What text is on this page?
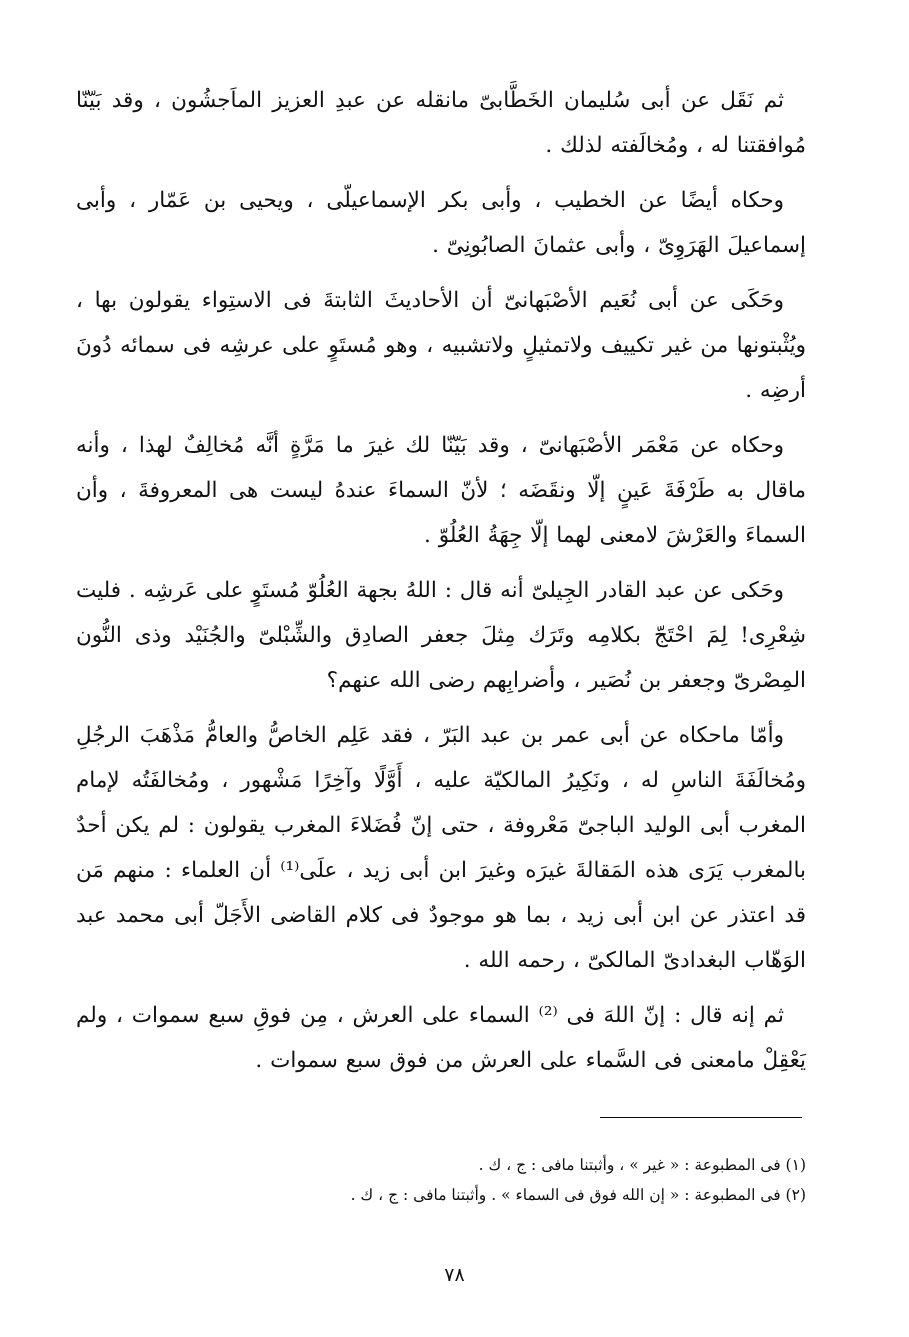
ثم نَقَل عن أبى سُليمان الخَطَّابىّ مانقله عن عبدِ العزيز الماَجشُون ، وقد بَيّنّا مُوافقتنا له ، ومُخالَفته لذلك .

وحكاه أيضًا عن الخطيب ، وأبى بكر الإسماعيلّى ، ويحيى بن عَمّار ، وأبى إسماعيلَ الهَرَوِىّ ، وأبى عثمانَ الصابُونِىّ .

وحَكَى عن أبى نُعَيم الأصْبَهانىّ أن الأحاديثَ الثابتةَ فى الاستِواء يقولون بها ، ويُثْبتونها من غير تكييف ولاتمثيلٍ ولاتشبيه ، وهو مُستَوٍ على عرشِه فى سمائه دُونَ أرضِه .

وحكاه عن مَعْمَر الأصْبَهانىّ ، وقد بَيّنّا لك غيرَ ما مَرَّةٍ أنَّه مُخالِفٌ لهذا ، وأنه ماقال به طَرْفَةَ عَينٍ إلّا ونقَضَه ؛ لأنّ السماءَ عندهُ ليست هى المعروفةَ ، وأن السماءَ والعَرْشَ لامعنى لهما إلّا جِهَةُ العُلُوّ .

وحَكى عن عبد القادر الجِيلىّ أنه قال : اللهُ بجهة العُلُوّ مُستَوٍ على عَرشِه . فليت شِعْرِى! لِمَ احْتَجّ بكلامِه وتَرَك مِثلَ جعفر الصادِق والشِّبْلىّ والجُنَيْد وذى النُّون المِصْرىّ وجعفر بن نُصَير ، وأضرابِهم رضى الله عنهم؟

وأمّا ماحكاه عن أبى عمر بن عبد البَرّ ، فقد عَلِم الخاصُّ والعامُّ مَذْهَبَ الرجُلِ ومُخالَفَةَ الناسِ له ، ونَكِيرُ المالكيّة عليه ، أَوَّلًا وآخِرًا مَشْهور ، ومُخالفَتُه لإمام المغرب أبى الوليد الباجىّ مَعْروفة ، حتى إنّ فُضَلاءَ المغرب يقولون : لم يكن أحدٌ بالمغرب يَرَى هذه المَقالةَ غيرَه وغيرَ ابن أبى زيد ، علَى⁽¹⁾ أن العلماء : منهم مَن قد اعتذر عن ابن أبى زيد ، بما هو موجودٌ فى كلام القاضى الأَجَلّ أبى محمد عبد الوَهّاب البغدادىّ المالكىّ ، رحمه الله .

ثم إنه قال : إنّ اللهَ فى ⁽²⁾ السماء على العرش ، مِن فوقِ سبع سموات ، ولم يَعْقِلْ مامعنى فى السَّماء على العرش من فوق سبع سموات .

(١) فى المطبوعة : « غير » ، وأثبتنا مافى : ج ، ك .
(٢) فى المطبوعة : « إن الله فوق فى السماء » . وأثبتنا مافى : ج ، ك .
٧٨
